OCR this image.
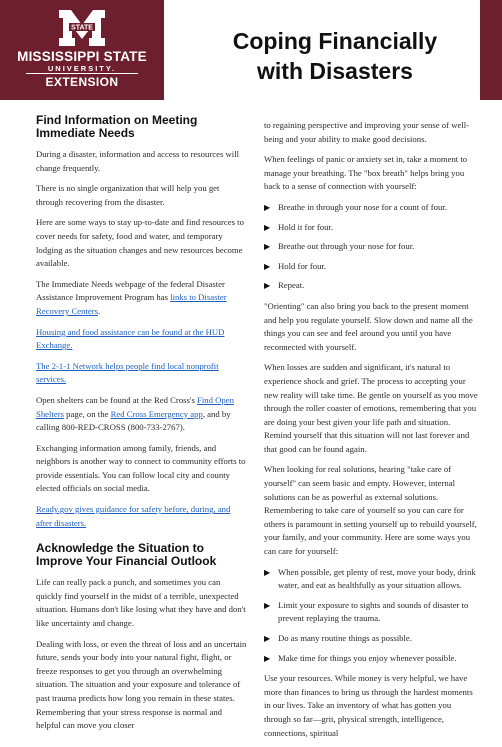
STATE
MISSISSIPPI STATE
UNIVERSITY.
EXTENSION
Coping Financially
with Disasters
Find Information on Meeting Immediate Needs

During a disaster, information and access to resources will change frequently.

There is no single organization that will help you get through recovering from the disaster.

Here are some ways to stay up-to-date and find resources to cover needs for safety, food and water, and temporary lodging as the situation changes and new resources become available.

The Immediate Needs webpage of the federal Disaster Assistance Improvement Program has links to Disaster Recovery Centers.

Housing and food assistance can be found at the HUD Exchange.

The 2-1-1 Network helps people find local nonprofit services.

Open shelters can be found at the Red Cross's Find Open Shelters page, on the Red Cross Emergency app, and by calling 800-RED-CROSS (800-733-2767).

Exchanging information among family, friends, and neighbors is another way to connect to community efforts to provide essentials. You can follow local city and county elected officials on social media.

Ready.gov gives guidance for safety before, during, and after disasters.

Acknowledge the Situation to Improve Your Financial Outlook

Life can really pack a punch, and sometimes you can quickly find yourself in the midst of a terrible, unexpected situation. Humans don't like losing what they have and don't like uncertainty and change.

Dealing with loss, or even the threat of loss and an uncertain future, sends your body into your natural fight, flight, or freeze responses to get you through an overwhelming situation. The situation and your exposure and tolerance of past trauma predicts how long you remain in these states. Remembering that your stress response is normal and helpful can move you closer

to regaining perspective and improving your sense of well-being and your ability to make good decisions.

When feelings of panic or anxiety set in, take a moment to manage your breathing. The "box breath" helps bring you back to a sense of connection with yourself:

▶ Breathe in through your nose for a count of four.
▶ Hold it for four.
▶ Breathe out through your nose for four.
▶ Hold for four.
▶ Repeat.

"Orienting" can also bring you back to the present moment and help you regulate yourself. Slow down and name all the things you can see and feel around you until you have reconnected with yourself.

When losses are sudden and significant, it's natural to experience shock and grief. The process to accepting your new reality will take time. Be gentle on yourself as you move through the roller coaster of emotions, remembering that you are doing your best given your life path and situation. Remind yourself that this situation will not last forever and that good can be found again.

When looking for real solutions, hearing "take care of yourself" can seem basic and empty. However, internal solutions can be as powerful as external solutions. Remembering to take care of yourself so you can care for others is paramount in setting yourself up to rebuild yourself, your family, and your community. Here are some ways you can care for yourself:

▶ When possible, get plenty of rest, move your body, drink water, and eat as healthfully as your situation allows.
▶ Limit your exposure to sights and sounds of disaster to prevent replaying the trauma.
▶ Do as many routine things as possible.
▶ Make time for things you enjoy whenever possible.

Use your resources. While money is very helpful, we have more than finances to bring us through the hardest moments in our lives. Take an inventory of what has gotten you through so far—grit, physical strength, intelligence, connections, spiritual
